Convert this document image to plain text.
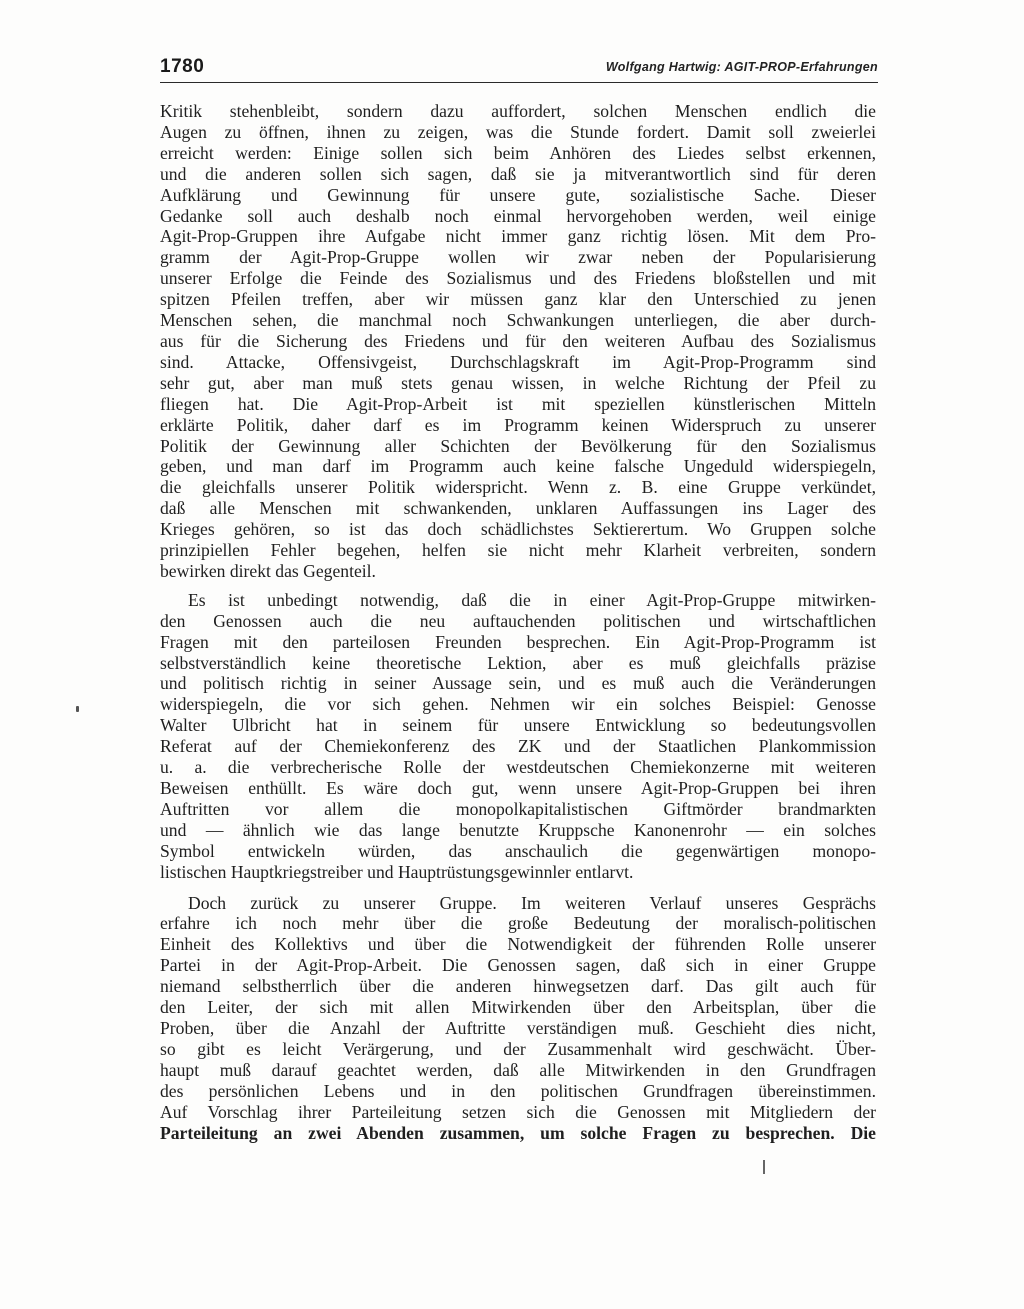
1780	Wolfgang Hartwig: AGIT-PROP-Erfahrungen

Kritik stehenbleibt, sondern dazu auffordert, solchen Menschen endlich die
Augen zu öffnen, ihnen zu zeigen, was die Stunde fordert. Damit soll zweierlei
erreicht werden: Einige sollen sich beim Anhören des Liedes selbst erkennen,
und die anderen sollen sich sagen, daß sie ja mitverantwortlich sind für deren
Aufklärung und Gewinnung für unsere gute, sozialistische Sache. Dieser
Gedanke soll auch deshalb noch einmal hervorgehoben werden, weil einige
Agit-Prop-Gruppen ihre Aufgabe nicht immer ganz richtig lösen. Mit dem Pro-
gramm der Agit-Prop-Gruppe wollen wir zwar neben der Popularisierung
unserer Erfolge die Feinde des Sozialismus und des Friedens bloßstellen und mit
spitzen Pfeilen treffen, aber wir müssen ganz klar den Unterschied zu jenen
Menschen sehen, die manchmal noch Schwankungen unterliegen, die aber durch-
aus für die Sicherung des Friedens und für den weiteren Aufbau des Sozialismus
sind. Attacke, Offensivgeist, Durchschlagskraft im Agit-Prop-Programm sind
sehr gut, aber man muß stets genau wissen, in welche Richtung der Pfeil zu
fliegen hat. Die Agit-Prop-Arbeit ist mit speziellen künstlerischen Mitteln
erklärte Politik, daher darf es im Programm keinen Widerspruch zu unserer
Politik der Gewinnung aller Schichten der Bevölkerung für den Sozialismus
geben, und man darf im Programm auch keine falsche Ungeduld widerspiegeln,
die gleichfalls unserer Politik widerspricht. Wenn z. B. eine Gruppe verkündet,
daß alle Menschen mit schwankenden, unklaren Auffassungen ins Lager des
Krieges gehören, so ist das doch schädlichstes Sektierertum. Wo Gruppen solche
prinzipiellen Fehler begehen, helfen sie nicht mehr Klarheit verbreiten, sondern
bewirken direkt das Gegenteil.

Es ist unbedingt notwendig, daß die in einer Agit-Prop-Gruppe mitwirken-
den Genossen auch die neu auftauchenden politischen und wirtschaftlichen
Fragen mit den parteilosen Freunden besprechen. Ein Agit-Prop-Programm ist
selbstverständlich keine theoretische Lektion, aber es muß gleichfalls präzise
und politisch richtig in seiner Aussage sein, und es muß auch die Veränderungen
widerspiegeln, die vor sich gehen. Nehmen wir ein solches Beispiel: Genosse
Walter Ulbricht hat in seinem für unsere Entwicklung so bedeutungsvollen
Referat auf der Chemiekonferenz des ZK und der Staatlichen Plankommission
u. a. die verbrecherische Rolle der westdeutschen Chemiekonzerne mit weiteren
Beweisen enthüllt. Es wäre doch gut, wenn unsere Agit-Prop-Gruppen bei ihren
Auftritten vor allem die monopolkapitalistischen Giftmörder brandmarkten
und — ähnlich wie das lange benutzte Kruppsche Kanonenrohr — ein solches
Symbol entwickeln würden, das anschaulich die gegenwärtigen monopo-
listischen Hauptkriegstreiber und Hauptrüstungsgewinnler entlarvt.

Doch zurück zu unserer Gruppe. Im weiteren Verlauf unseres Gesprächs
erfahre ich noch mehr über die große Bedeutung der moralisch-politischen
Einheit des Kollektivs und über die Notwendigkeit der führenden Rolle unserer
Partei in der Agit-Prop-Arbeit. Die Genossen sagen, daß sich in einer Gruppe
niemand selbstherrlich über die anderen hinwegsetzen darf. Das gilt auch für
den Leiter, der sich mit allen Mitwirkenden über den Arbeitsplan, über die
Proben, über die Anzahl der Auftritte verständigen muß. Geschieht dies nicht,
so gibt es leicht Verärgerung, und der Zusammenhalt wird geschwächt. Über-
haupt muß darauf geachtet werden, daß alle Mitwirkenden in den Grundfragen
des persönlichen Lebens und in den politischen Grundfragen übereinstimmen.
Auf Vorschlag ihrer Parteileitung setzen sich die Genossen mit Mitgliedern der
Parteileitung an zwei Abenden zusammen, um solche Fragen zu besprechen. Die
